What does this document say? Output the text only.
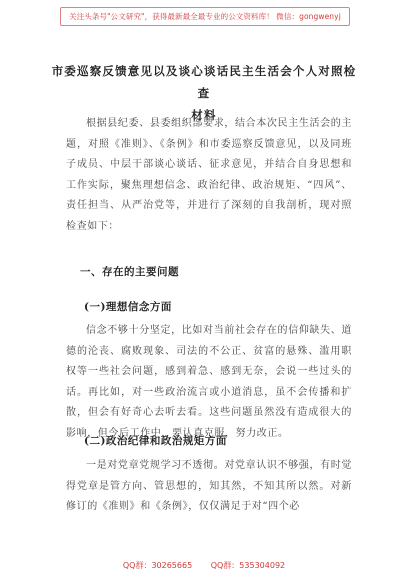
关注头条号"公文研究"，获得最新最全最专业的公文资料库！ 微信：gongwenyj
市委巡察反馈意见以及谈心谈话民主生活会个人对照检查
材料

根据县纪委、县委组织部要求，结合本次民主生活会的主题，对照《准则》、《条例》和市委巡察反馈意见，以及同班子成员、中层干部谈心谈话、征求意见，并结合自身思想和工作实际，聚焦理想信念、政治纪律、政治规矩、“四风”、责任担当、从严治党等，并进行了深刻的自我剖析，现对照检查如下：

一、存在的主要问题

(一)理想信念方面

信念不够十分坚定，比如对当前社会存在的信仰缺失、道德的沦丧、腐败现象、司法的不公正、贫富的悬殊、滥用职权等一些社会问题，感到着急、感到无奈，会说一些过头的话。再比如，对一些政治流言或小道消息，虽不会传播和扩散，但会有好奇心去听去看。这些问题虽然没有造成很大的影响，但今后工作中，要认真克服，努力改正。

(二)政治纪律和政治规矩方面

一是对党章党规学习不透彻。对党章认识不够强，有时觉得党章是管方向、管思想的，知其然，不知其所以然。对新修订的《准则》和《条例》，仅仅满足于对“四个必

QQ群：30265665 QQ群：535304092
